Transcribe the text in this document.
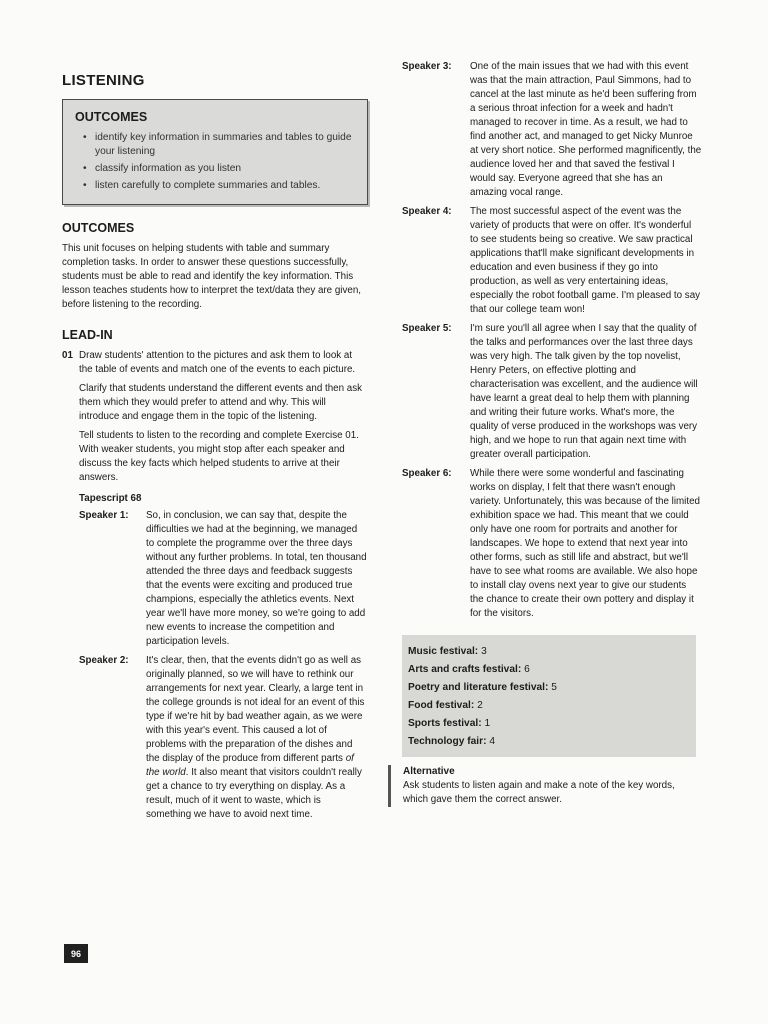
LISTENING
OUTCOMES
• identify key information in summaries and tables to guide your listening
• classify information as you listen
• listen carefully to complete summaries and tables.
OUTCOMES

This unit focuses on helping students with table and summary completion tasks. In order to answer these questions successfully, students must be able to read and identify the key information. This lesson teaches students how to interpret the text/data they are given, before listening to the recording.

LEAD-IN
01 Draw students' attention to the pictures and ask them to look at the table of events and match one of the events to each picture.

Clarify that students understand the different events and then ask them which they would prefer to attend and why. This will introduce and engage them in the topic of the listening.

Tell students to listen to the recording and complete Exercise 01. With weaker students, you might stop after each speaker and discuss the key facts which helped students to arrive at their answers.

Tapescript 68
Speaker 1: So, in conclusion, we can say that, despite the difficulties we had at the beginning, we managed to complete the programme over the three days without any further problems. In total, ten thousand attended the three days and feedback suggests that the events were exciting and produced true champions, especially the athletics events. Next year we'll have more money, so we're going to add new events to increase the competition and participation levels.
Speaker 2: It's clear, then, that the events didn't go as well as originally planned, so we will have to rethink our arrangements for next year. Clearly, a large tent in the college grounds is not ideal for an event of this type if we're hit by bad weather again, as we were with this year's event. This caused a lot of problems with the preparation of the dishes and the display of the produce from different parts of the world. It also meant that visitors couldn't really get a chance to try everything on display. As a result, much of it went to waste, which is something we have to avoid next time.
Speaker 3: One of the main issues that we had with this event was that the main attraction, Paul Simmons, had to cancel at the last minute as he'd been suffering from a serious throat infection for a week and hadn't managed to recover in time. As a result, we had to find another act, and managed to get Nicky Munroe at very short notice. She performed magnificently, the audience loved her and that saved the festival I would say. Everyone agreed that she has an amazing vocal range.
Speaker 4: The most successful aspect of the event was the variety of products that were on offer. It's wonderful to see students being so creative. We saw practical applications that'll make significant developments in education and even business if they go into production, as well as very entertaining ideas, especially the robot football game. I'm pleased to say that our college team won!
Speaker 5: I'm sure you'll all agree when I say that the quality of the talks and performances over the last three days was very high. The talk given by the top novelist, Henry Peters, on effective plotting and characterisation was excellent, and the audience will have learnt a great deal to help them with planning and writing their future works. What's more, the quality of verse produced in the workshops was very high, and we hope to run that again next time with greater overall participation.
Speaker 6: While there were some wonderful and fascinating works on display, I felt that there wasn't enough variety. Unfortunately, this was because of the limited exhibition space we had. This meant that we could only have one room for portraits and another for landscapes. We hope to extend that next year into other forms, such as still life and abstract, but we'll have to see what rooms are available. We also hope to install clay ovens next year to give our students the chance to create their own pottery and display it for the visitors.
Music festival: 3
Arts and crafts festival: 6
Poetry and literature festival: 5
Food festival: 2
Sports festival: 1
Technology fair: 4
Alternative
Ask students to listen again and make a note of the key words, which gave them the correct answer.
96
